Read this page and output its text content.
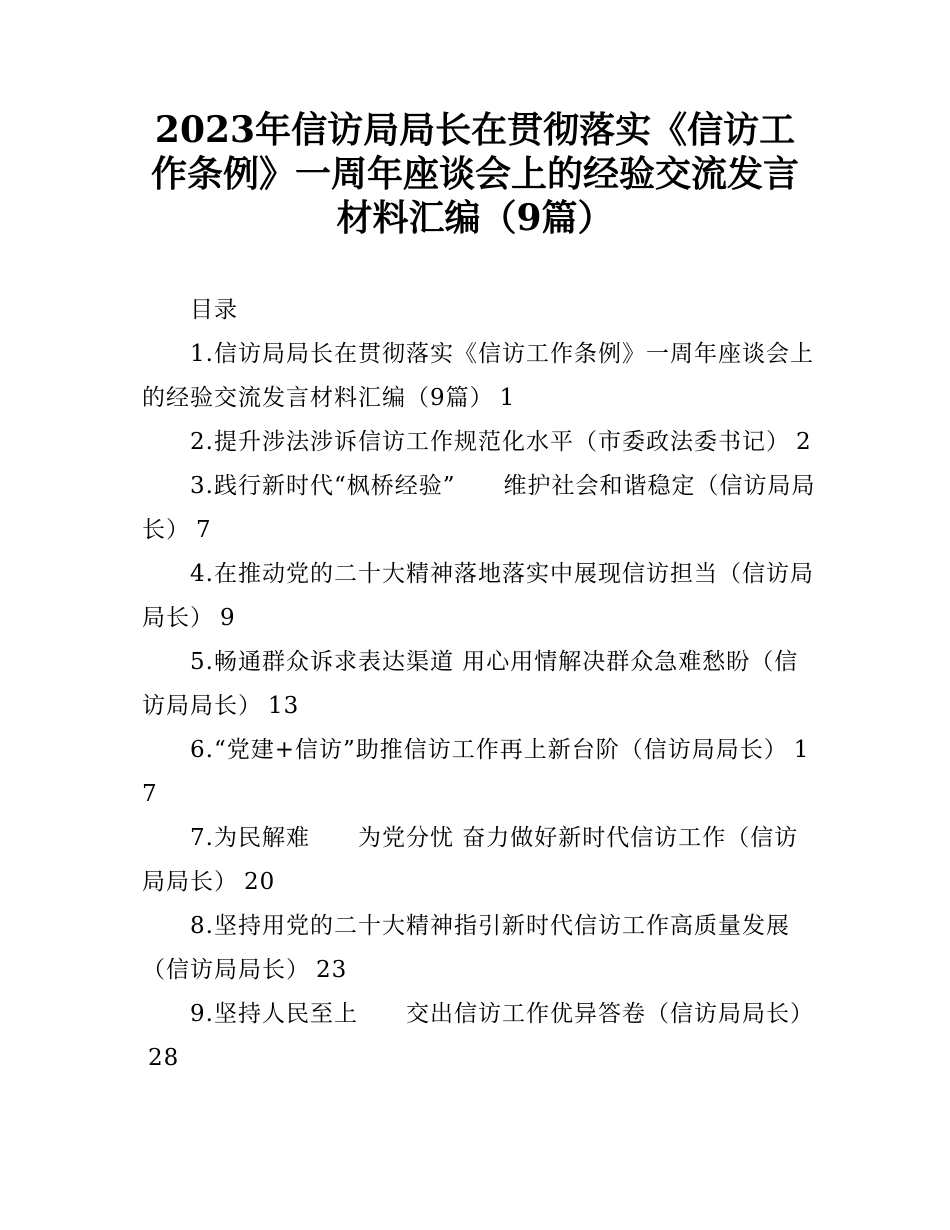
2023年信访局局长在贯彻落实《信访工作条例》一周年座谈会上的经验交流发言材料汇编（9篇）
目录
1.信访局局长在贯彻落实《信访工作条例》一周年座谈会上的经验交流发言材料汇编（9篇） 1
2.提升涉法涉诉信访工作规范化水平（市委政法委书记） 2
3.践行新时代“枫桥经验”　　维护社会和谐稳定（信访局局长） 7
4.在推动党的二十大精神落地落实中展现信访担当（信访局局长） 9
5.畅通群众诉求表达渠道 用心用情解决群众急难愁盼（信访局局长） 13
6.“党建+信访”助推信访工作再上新台阶（信访局局长） 17
7.为民解难　　为党分忧 奋力做好新时代信访工作（信访局局长） 20
8.坚持用党的二十大精神指引新时代信访工作高质量发展（信访局局长） 23
9.坚持人民至上　　交出信访工作优异答卷（信访局局长）28
